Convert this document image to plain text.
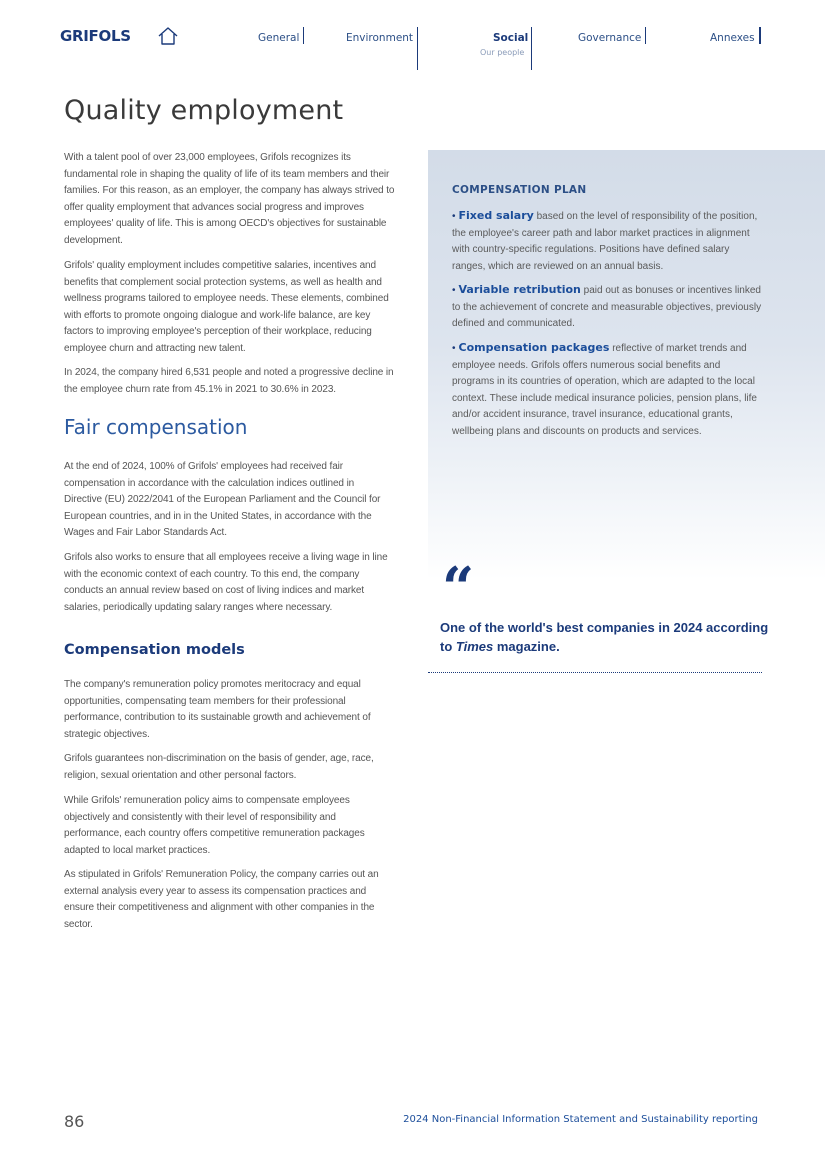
GRIFOLS	General	Environment	Social
Our people
Governance	Annexes
Quality employment
With a talent pool of over 23,000 employees, Grifols recognizes its fundamental role in shaping the quality of life of its team members and their families. For this reason, as an employer, the company has always strived to offer quality employment that advances social progress and improves employees' quality of life. This is among OECD's objectives for sustainable development.
Grifols' quality employment includes competitive salaries, incentives and benefits that complement social protection systems, as well as health and wellness programs tailored to employee needs. These elements, combined with efforts to promote ongoing dialogue and work-life balance, are key factors to improving employee's perception of their workplace, reducing employee churn and attracting new talent.
In 2024, the company hired 6,531 people and noted a progressive decline in the employee churn rate from 45.1% in 2021 to 30.6% in 2023.
Fair compensation
At the end of 2024, 100% of Grifols' employees had received fair compensation in accordance with the calculation indices outlined in Directive (EU) 2022/2041 of the European Parliament and the Council for European countries, and in in the United States, in accordance with the Wages and Fair Labor Standards Act.
Grifols also works to ensure that all employees receive a living wage in line with the economic context of each country. To this end, the company conducts an annual review based on cost of living indices and market salaries, periodically updating salary ranges where necessary.
Compensation models
The company's remuneration policy promotes meritocracy and equal opportunities, compensating team members for their professional performance, contribution to its sustainable growth and achievement of strategic objectives.
Grifols guarantees non-discrimination on the basis of gender, age, race, religion, sexual orientation and other personal factors.
While Grifols' remuneration policy aims to compensate employees objectively and consistently with their level of responsibility and performance, each country offers competitive remuneration packages adapted to local market practices.
As stipulated in Grifols' Remuneration Policy, the company carries out an external analysis every year to assess its compensation practices and ensure their competitiveness and alignment with other companies in the sector.
COMPENSATION PLAN
• Fixed salary based on the level of responsibility of the position, the employee's career path and labor market practices in alignment with country-specific regulations. Positions have defined salary ranges, which are reviewed on an annual basis.
• Variable retribution paid out as bonuses or incentives linked to the achievement of concrete and measurable objectives, previously defined and communicated.
• Compensation packages reflective of market trends and employee needs. Grifols offers numerous social benefits and programs in its countries of operation, which are adapted to the local context. These include medical insurance policies, pension plans, life and/or accident insurance, travel insurance, educational grants, wellbeing plans and discounts on products and services.
“
One of the world's best companies in 2024 according to Times magazine.
86	2024 Non-Financial Information Statement and Sustainability reporting
